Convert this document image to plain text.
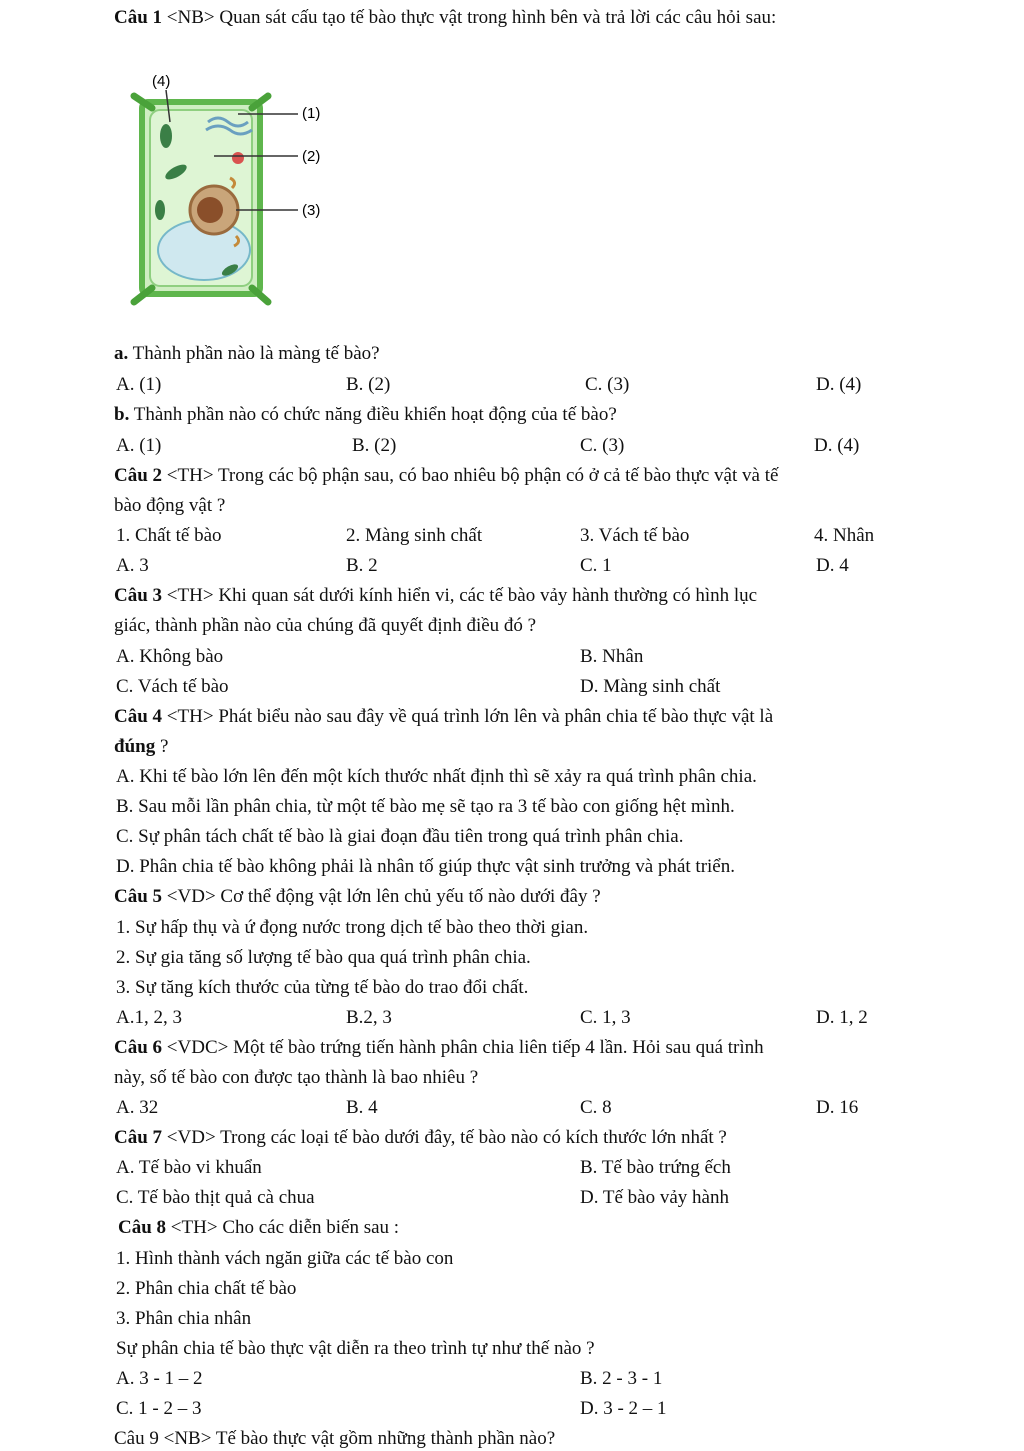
Câu 1 <NB> Quan sát cấu tạo tế bào thực vật trong hình bên và trả lời các câu hỏi sau:
(4)
(1)
(2)
(3)
a. Thành phần nào là màng tế bào?
A. (1)	B. (2)	C. (3)	D. (4)
b. Thành phần nào có chức năng điều khiển hoạt động của tế bào?
A. (1)	B. (2)	C. (3)	D. (4)
Câu 2 <TH> Trong các bộ phận sau, có bao nhiêu bộ phận có ở cả tế bào thực vật và tế
bào động vật ?
1. Chất tế bào	2. Màng sinh chất	3. Vách tế bào	4. Nhân
A. 3	B. 2	C. 1	D. 4
Câu 3 <TH> Khi quan sát dưới kính hiển vi, các tế bào vảy hành thường có hình lục
giác, thành phần nào của chúng đã quyết định điều đó ?
A. Không bào	B. Nhân
C. Vách tế bào	D. Màng sinh chất
Câu 4 <TH> Phát biểu nào sau đây về quá trình lớn lên và phân chia tế bào thực vật là
đúng ?
A. Khi tế bào lớn lên đến một kích thước nhất định thì sẽ xảy ra quá trình phân chia.
B. Sau mỗi lần phân chia, từ một tế bào mẹ sẽ tạo ra 3 tế bào con giống hệt mình.
C. Sự phân tách chất tế bào là giai đoạn đầu tiên trong quá trình phân chia.
D. Phân chia tế bào không phải là nhân tố giúp thực vật sinh trưởng và phát triển.
Câu 5 <VD> Cơ thể động vật lớn lên chủ yếu tố nào dưới đây ?
1. Sự hấp thụ và ứ đọng nước trong dịch tế bào theo thời gian.
2. Sự gia tăng số lượng tế bào qua quá trình phân chia.
3. Sự tăng kích thước của từng tế bào do trao đổi chất.
A.1, 2, 3	B.2, 3	C. 1, 3	D. 1, 2
Câu 6 <VDC> Một tế bào trứng tiến hành phân chia liên tiếp 4 lần. Hỏi sau quá trình
này, số tế bào con được tạo thành là bao nhiêu ?
A. 32	B. 4	C. 8	D. 16
Câu 7 <VD> Trong các loại tế bào dưới đây, tế bào nào có kích thước lớn nhất ?
A. Tế bào vi khuẩn	B. Tế bào trứng ếch
C. Tế bào thịt quả cà chua	D. Tế bào vảy hành
Câu 8 <TH> Cho các diễn biến sau :
1. Hình thành vách ngăn giữa các tế bào con
2. Phân chia chất tế bào
3. Phân chia nhân
Sự phân chia tế bào thực vật diễn ra theo trình tự như thế nào ?
A. 3 - 1 – 2	B. 2 - 3 - 1
C. 1 - 2 – 3	D. 3 - 2 – 1
Câu 9 <NB> Tế bào thực vật gồm những thành phần nào?
